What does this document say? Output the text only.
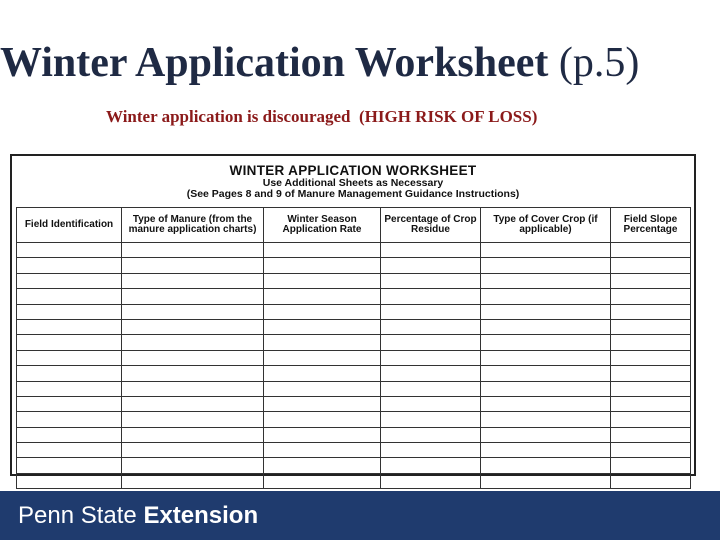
Winter Application Worksheet (p.5)
Winter application is discouraged  (HIGH RISK OF LOSS)
WINTER APPLICATION WORKSHEET
Use Additional Sheets as Necessary
(See Pages 8 and 9 of Manure Management Guidance Instructions)
Field Identification	Type of Manure (from the manure application charts)	Winter Season Application Rate	Percentage of Crop Residue	Type of Cover Crop (if applicable)	Field Slope Percentage

Penn State Extension
